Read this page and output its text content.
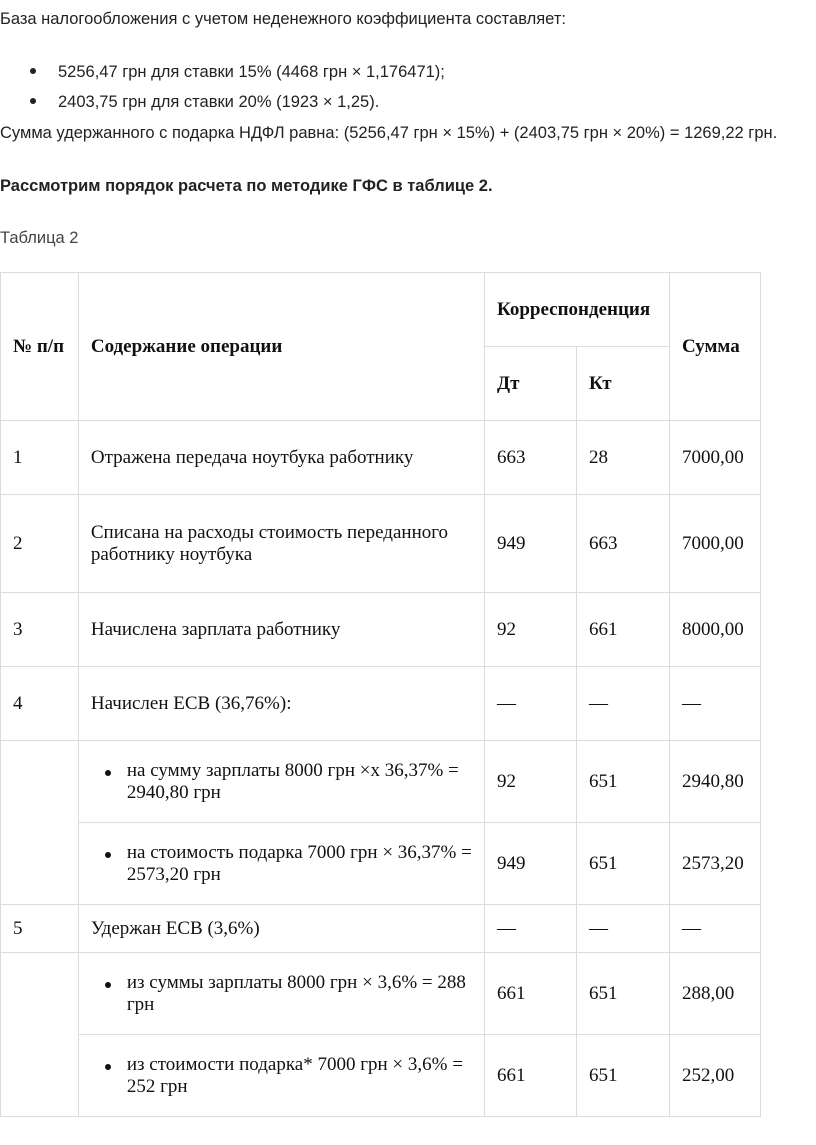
База налогообложения с учетом неденежного коэффициента составляет:
5256,47 грн для ставки 15% (4468 грн × 1,176471);
2403,75 грн для ставки 20% (1923 × 1,25).
Сумма удержанного с подарка НДФЛ равна: (5256,47 грн × 15%) + (2403,75 грн × 20%) = 1269,22 грн.
Рассмотрим порядок расчета по методике ГФС в таблице 2.
Таблица 2
№ п/п	Содержание операции	Корреспонденция		Сумма
		Дт	Кт	
1	Отражена передача ноутбука работнику	663	28	7000,00
2	Списана на расходы стоимость переданного работнику ноутбука	949	663	7000,00
3	Начислена зарплата работнику	92	661	8000,00
4	Начислен ЕСВ (36,76%):	—	—	—

	на сумму зарплаты 8000 грн ×х 36,37% = 2940,80 грн	92	651	2940,80

	на стоимость подарка 7000 грн × 36,37% = 2573,20 грн	949	651	2573,20
5	Удержан ЕСВ (3,6%)	—	—	—

	из суммы зарплаты 8000 грн × 3,6% = 288 грн	661	651	288,00

	из стоимости подарка* 7000 грн × 3,6% = 252 грн	661	651	252,00
